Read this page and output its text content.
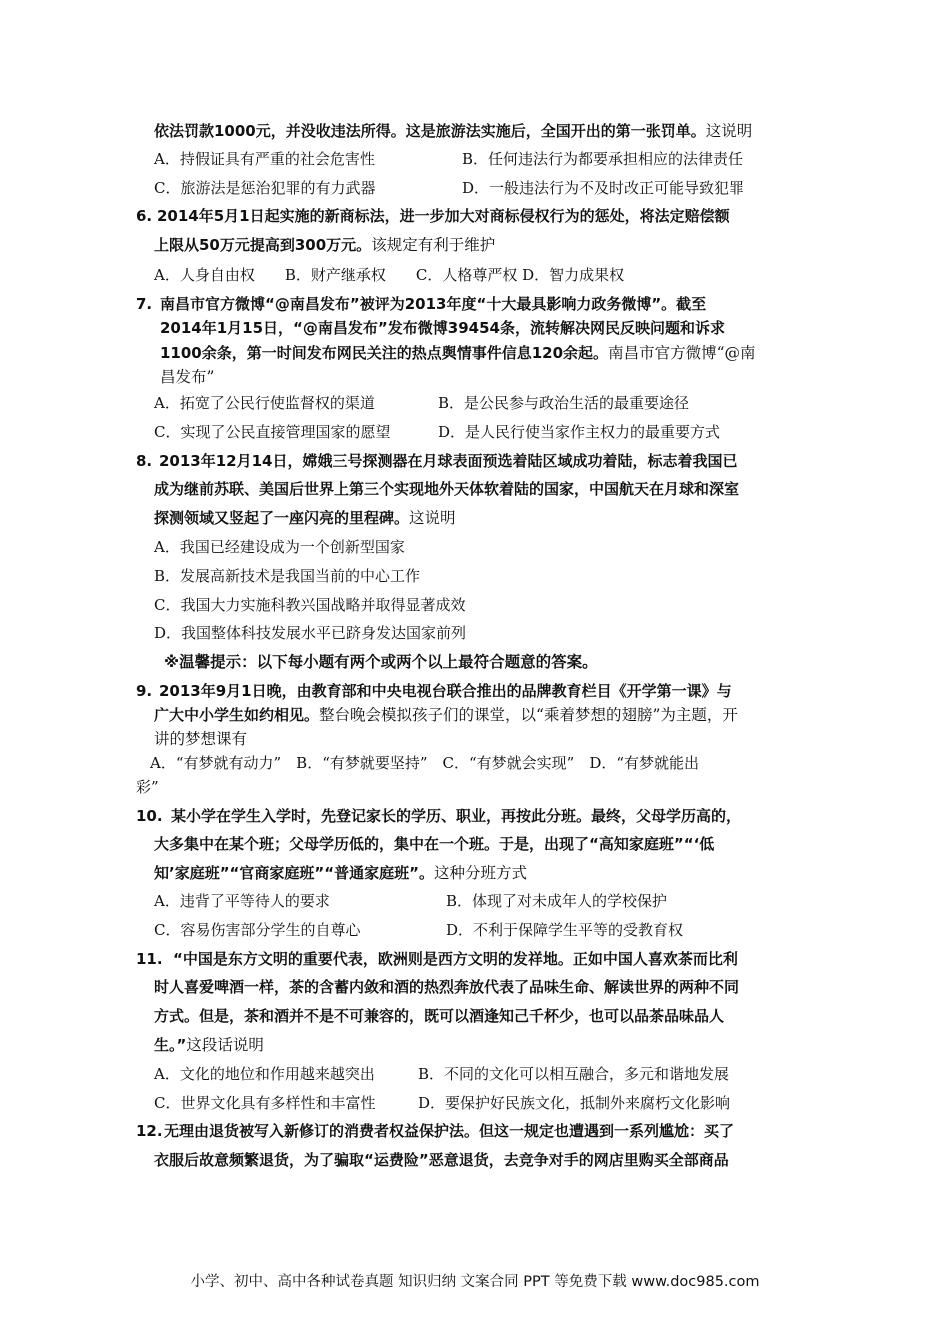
依法罚款1000元，并没收违法所得。这是旅游法实施后，全国开出的第一张罚单。这说明
A．持假证具有严重的社会危害性	B．任何违法行为都要承担相应的法律责任
C．旅游法是惩治犯罪的有力武器	D．一般违法行为不及时改正可能导致犯罪
6. 2014年5月1日起实施的新商标法，进一步加大对商标侵权行为的惩处，将法定赔偿额
上限从50万元提高到300万元。该规定有利于维护
A．人身自由权　　B．财产继承权　　C．人格尊严权 D．智力成果权
7. 南昌市官方微博“@南昌发布”被评为2013年度“十大最具影响力政务微博”。截至
2014年1月15日，“@南昌发布”发布微博39454条，流转解决网民反映问题和诉求
1100余条，第一时间发布网民关注的热点舆情事件信息120余起。南昌市官方微博“@南
昌发布”
A．拓宽了公民行使监督权的渠道	B．是公民参与政治生活的最重要途径
C．实现了公民直接管理国家的愿望	D．是人民行使当家作主权力的最重要方式
8. 2013年12月14日，嫦娥三号探测器在月球表面预选着陆区域成功着陆，标志着我国已
成为继前苏联、美国后世界上第三个实现地外天体软着陆的国家，中国航天在月球和深室
探测领域又竖起了一座闪亮的里程碑。这说明
A．我国已经建设成为一个创新型国家
B．发展高新技术是我国当前的中心工作
C．我国大力实施科教兴国战略并取得显著成效
D．我国整体科技发展水平已跻身发达国家前列
※温馨提示：以下每小题有两个或两个以上最符合题意的答案。
9. 2013年9月1日晚，由教育部和中央电视台联合推出的品牌教育栏目《开学第一课》与
广大中小学生如约相见。整台晚会模拟孩子们的课堂，以“乘着梦想的翅膀”为主题，开
讲的梦想课有
A．“有梦就有动力”　B．“有梦就要坚持”　C．“有梦就会实现”　D．“有梦就能出
彩”
10. 某小学在学生入学时，先登记家长的学历、职业，再按此分班。最终，父母学历高的，
大多集中在某个班；父母学历低的，集中在一个班。于是，出现了“高知家庭班”“‘低
知’家庭班”“官商家庭班”“普通家庭班”。这种分班方式
A．违背了平等待人的要求	B．体现了对未成年人的学校保护
C．容易伤害部分学生的自尊心	D．不利于保障学生平等的受教育权
11. “中国是东方文明的重要代表，欧洲则是西方文明的发祥地。正如中国人喜欢茶而比利
时人喜爱啤酒一样，茶的含蓄内敛和酒的热烈奔放代表了品味生命、解读世界的两种不同
方式。但是，茶和酒并不是不可兼容的，既可以酒逢知己千杯少，也可以品茶品味品人
生。”这段话说明
A．文化的地位和作用越来越突出	B．不同的文化可以相互融合，多元和谐地发展
C．世界文化具有多样性和丰富性	D．要保护好民族文化，抵制外来腐朽文化影响
12. 无理由退货被写入新修订的消费者权益保护法。但这一规定也遭遇到一系列尴尬：买了
衣服后故意频繁退货，为了骗取“运费险”恶意退货，去竞争对手的网店里购买全部商品
小学、初中、高中各种试卷真题 知识归纳 文案合同 PPT 等免费下载 www.doc985.com
